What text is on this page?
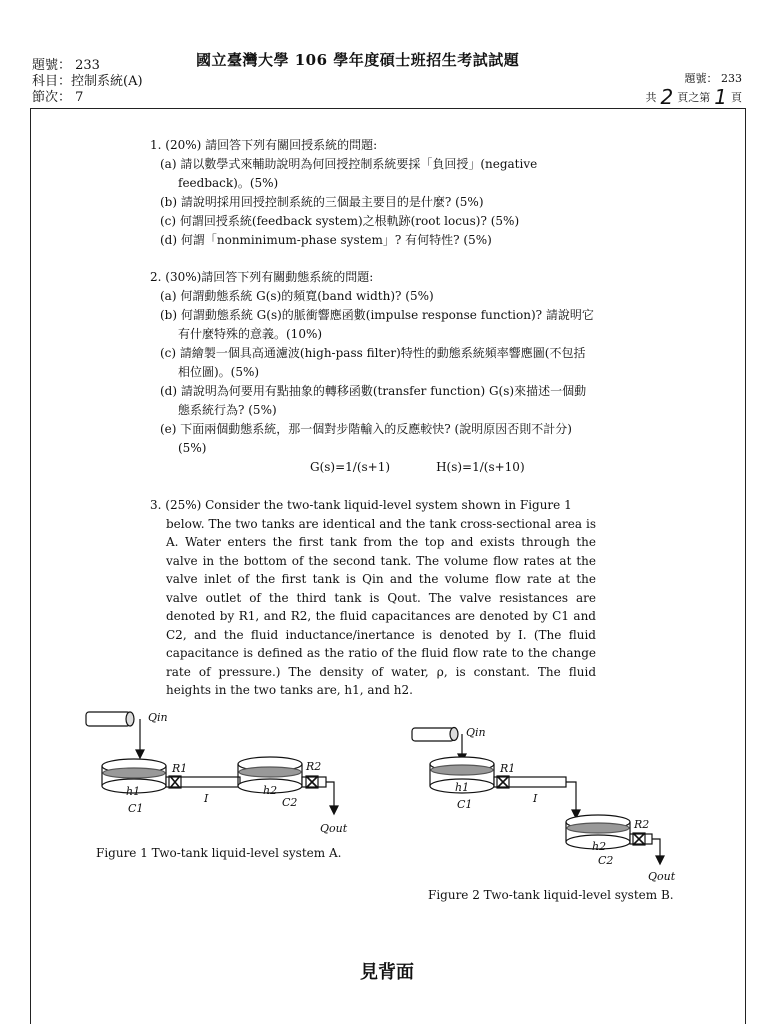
題號： 233
科目：控制系統(A)
節次： 7
國立臺灣大學 106 學年度碩士班招生考試試題
題號： 233
共 2 頁之第 1 頁
1. (20%) 請回答下列有關回授系統的問題:
(a) 請以數學式來輔助說明為何回授控制系統要採「負回授」(negative feedback)。(5%)
(b) 請說明採用回授控制系統的三個最主要目的是什麼? (5%)
(c) 何謂回授系統(feedback system)之根軌跡(root locus)? (5%)
(d) 何謂「nonminimum-phase system」? 有何特性? (5%)
2. (30%)請回答下列有關動態系統的問題:
(a) 何謂動態系統 G(s)的頻寬(band width)? (5%)
(b) 何謂動態系統 G(s)的脈衝響應函數(impulse response function)? 請說明它有什麼特殊的意義。(10%)
(c) 請繪製一個具高通濾波(high-pass filter)特性的動態系統頻率響應圖(不包括相位圖)。(5%)
(d) 請說明為何要用有點抽象的轉移函數(transfer function) G(s)來描述一個動態系統行為? (5%)
(e) 下面兩個動態系統，那一個對步階輸入的反應較快? (說明原因否則不計分) (5%)
G(s)=1/(s+1)	H(s)=1/(s+10)
3. (25%) Consider the two-tank liquid-level system shown in Figure 1
below. The two tanks are identical and the tank cross-sectional area is A. Water enters the first tank from the top and exists through the valve in the bottom of the second tank. The volume flow rates at the valve inlet of the first tank is Qin and the volume flow rate at the valve outlet of the third tank is Qout. The valve resistances are denoted by R1, and R2, the fluid capacitances are denoted by C1 and C2, and the fluid inductance/inertance is denoted by I. (The fluid capacitance is defined as the ratio of the fluid flow rate to the change rate of pressure.) The density of water, ρ, is constant. The fluid heights in the two tanks are, h1, and h2.
Qin
R1
h1
C1
I
R2
h2
C2
Qout
Qin
R1
h1
C1	I
R2
h2
C2
Qout
Figure 1 Two-tank liquid-level system A.
Figure 2 Two-tank liquid-level system B.
見背面
